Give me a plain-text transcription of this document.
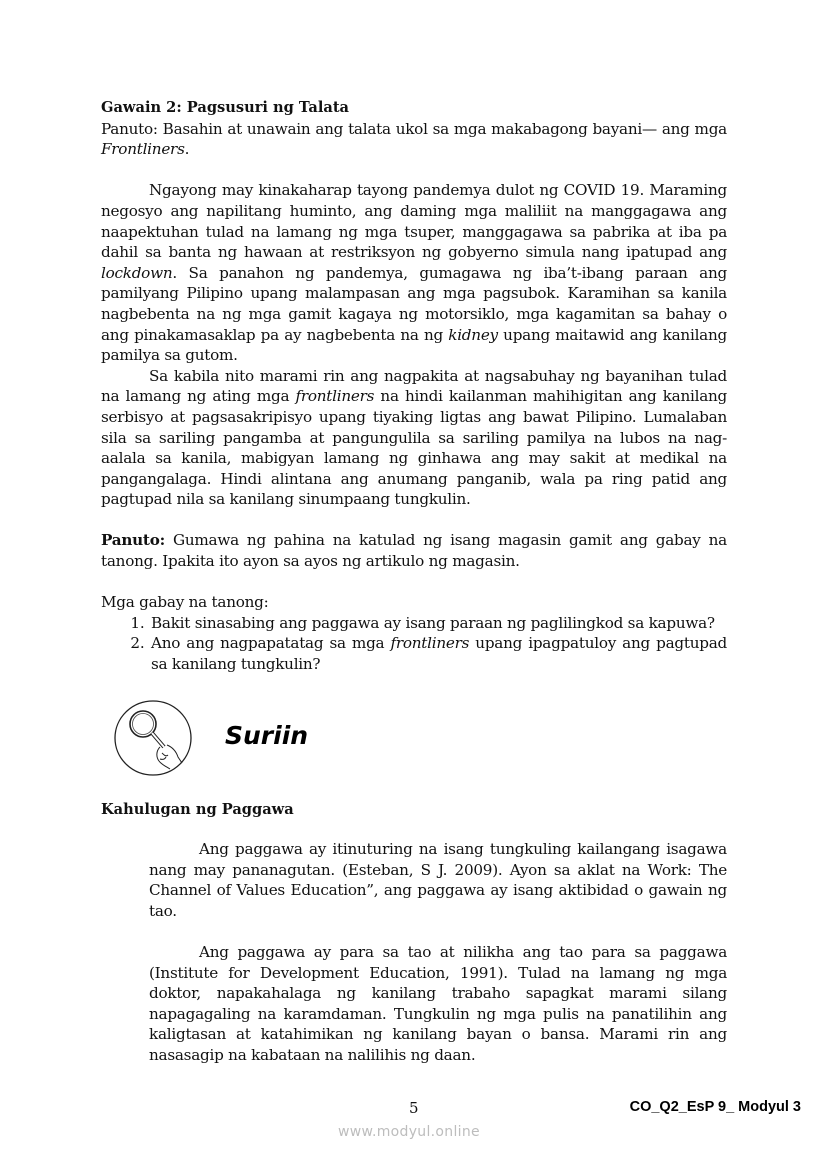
Gawain 2: Pagsusuri ng Talata

Panuto: Basahin at unawain ang talata ukol sa mga makabagong bayani— ang mga Frontliners.

Ngayong may kinakaharap tayong pandemya dulot ng COVID 19. Maraming negosyo ang napilitang huminto, ang daming mga maliliit na manggagawa ang naapektuhan tulad na lamang ng mga tsuper, manggagawa sa pabrika at iba pa dahil sa banta ng hawaan at restriksyon ng gobyerno simula nang ipatupad ang lockdown. Sa panahon ng pandemya, gumagawa ng iba’t-ibang paraan ang pamilyang Pilipino upang malampasan ang mga pagsubok. Karamihan sa kanila nagbebenta na ng mga gamit kagaya ng motorsiklo, mga kagamitan sa bahay o ang pinakamasaklap pa ay nagbebenta na ng kidney upang maitawid ang kanilang pamilya sa gutom.

Sa kabila nito marami rin ang nagpakita at nagsabuhay ng bayanihan tulad na lamang ng ating mga frontliners na hindi kailanman mahihigitan ang kanilang serbisyo at pagsasakripisyo upang tiyaking ligtas ang bawat Pilipino. Lumalaban sila sa sariling pangamba at pangungulila sa sariling pamilya na lubos na nag-aalala sa kanila, mabigyan lamang ng ginhawa ang may sakit at medikal na pangangalaga. Hindi alintana ang anumang panganib, wala pa ring patid ang pagtupad nila sa kanilang sinumpaang tungkulin.

Panuto: Gumawa ng pahina na katulad ng isang magasin gamit ang gabay na tanong. Ipakita ito ayon sa ayos ng artikulo ng magasin.

Mga gabay na tanong:

1. Bakit sinasabing ang paggawa ay isang paraan ng paglilingkod sa kapuwa?
2. Ano ang nagpapatatag sa mga frontliners upang ipagpatuloy ang pagtupad sa kanilang tungkulin?
Suriin

Kahulugan ng Paggawa

Ang paggawa ay itinuturing na isang tungkuling kailangang isagawa nang may pananagutan. (Esteban, S J. 2009). Ayon sa aklat na Work: The Channel of Values Education”, ang paggawa ay isang aktibidad o gawain ng tao.

Ang paggawa ay para sa tao at nilikha ang tao para sa paggawa (Institute for Development Education, 1991). Tulad na lamang ng mga doktor, napakahalaga ng kanilang trabaho sapagkat marami silang napagagaling na karamdaman. Tungkulin ng mga pulis na panatilihin ang kaligtasan at katahimikan ng kanilang bayan o bansa. Marami rin ang nasasagip na kabataan na nalilihis ng daan.

5	CO_Q2_EsP 9_ Modyul 3
www.modyul.online
